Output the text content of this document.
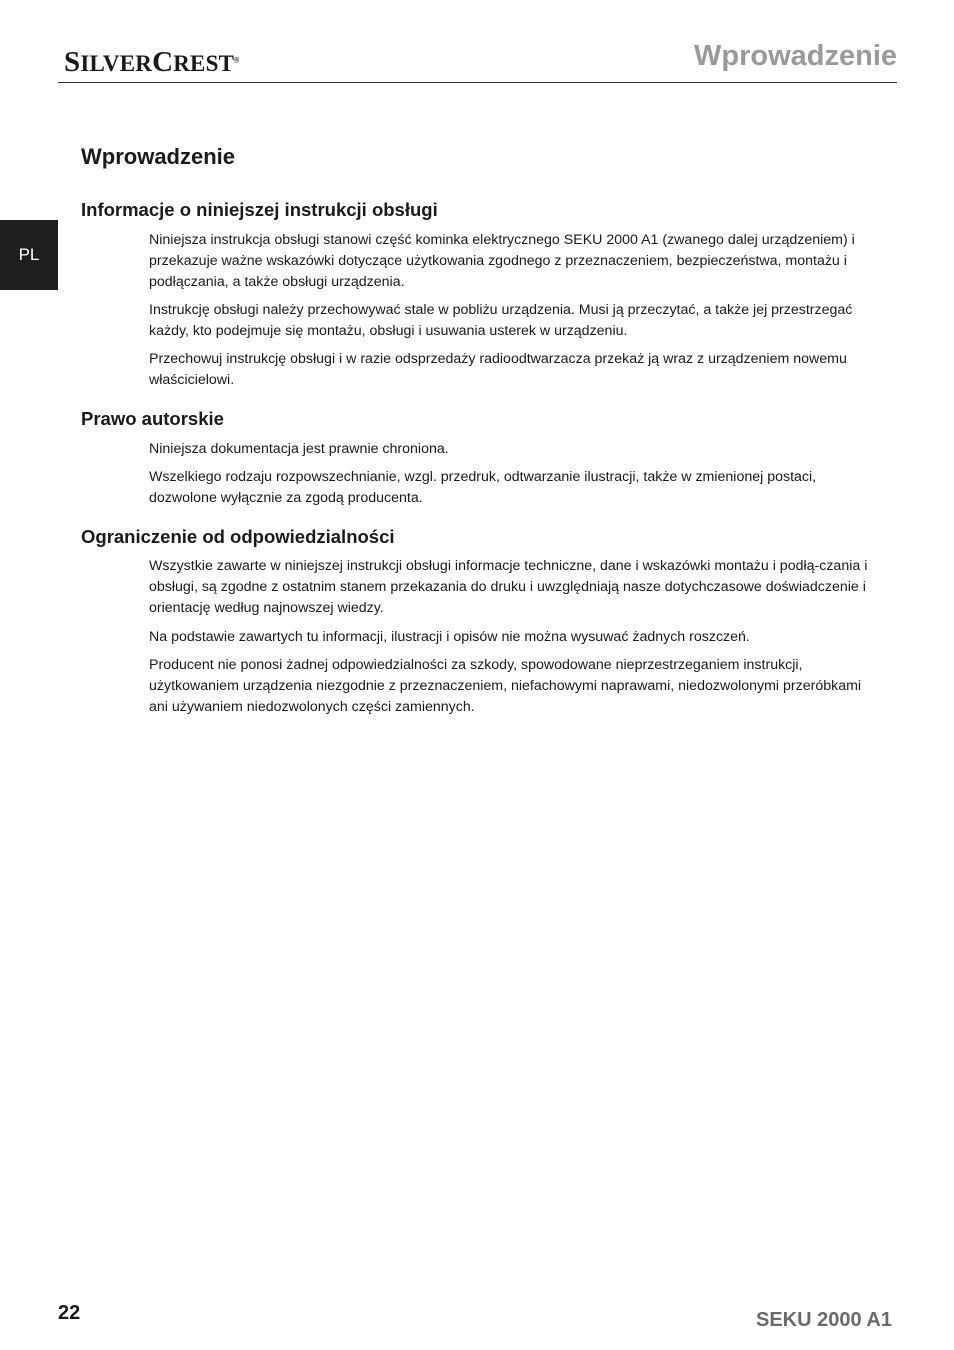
SILVERCREST®	Wprowadzenie
PL
Wprowadzenie
Informacje o niniejszej instrukcji obsługi

Niniejsza instrukcja obsługi stanowi część kominka elektrycznego SEKU 2000 A1 (zwanego dalej urządzeniem) i przekazuje ważne wskazówki dotyczące użytkowania zgodnego z przeznaczeniem, bezpieczeństwa, montażu i podłączania, a także obsługi urządzenia.

Instrukcję obsługi należy przechowywać stale w pobliżu urządzenia. Musi ją przeczytać, a także jej przestrzegać każdy, kto podejmuje się montażu, obsługi i usuwania usterek w urządzeniu.

Przechowuj instrukcję obsługi i w razie odsprzedaży radioodtwarzacza przekaż ją wraz z urządzeniem nowemu właścicielowi.

Prawo autorskie

Niniejsza dokumentacja jest prawnie chroniona.

Wszelkiego rodzaju rozpowszechnianie, wzgl. przedruk, odtwarzanie ilustracji, także w zmienionej postaci, dozwolone wyłącznie za zgodą producenta.

Ograniczenie od odpowiedzialności

Wszystkie zawarte w niniejszej instrukcji obsługi informacje techniczne, dane i wskazówki montażu i podłą-czania i obsługi, są zgodne z ostatnim stanem przekazania do druku i uwzględniają nasze dotychczasowe doświadczenie i orientację według najnowszej wiedzy.

Na podstawie zawartych tu informacji, ilustracji i opisów nie można wysuwać żadnych roszczeń.

Producent nie ponosi żadnej odpowiedzialności za szkody, spowodowane nieprzestrzeganiem instrukcji, użytkowaniem urządzenia niezgodnie z przeznaczeniem, niefachowymi naprawami, niedozwolonymi przeróbkami ani używaniem niedozwolonych części zamiennych.

22	SEKU 2000 A1
